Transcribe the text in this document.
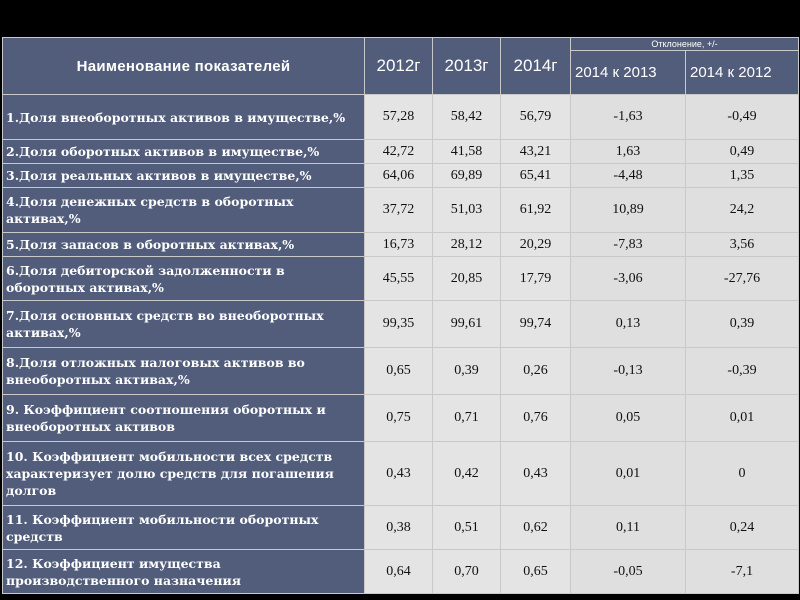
Наименование показателей	2012г	2013г	2014г	Отклонение, +/-	
				2014 к 2013	2014 к 2012
1.Доля внеоборотных активов в имуществе,%	57,28	58,42	56,79	-1,63	-0,49
2.Доля оборотных активов в имуществе,%	42,72	41,58	43,21	1,63	0,49
3.Доля реальных активов в имуществе,%	64,06	69,89	65,41	-4,48	1,35
4.Доля денежных средств в оборотных активах,%	37,72	51,03	61,92	10,89	24,2
5.Доля запасов в оборотных активах,%	16,73	28,12	20,29	-7,83	3,56
6.Доля дебиторской задолженности в оборотных активах,%	45,55	20,85	17,79	-3,06	-27,76
7.Доля основных средств во внеоборотных активах,%	99,35	99,61	99,74	0,13	0,39
8.Доля отложных налоговых активов во внеоборотных активах,%	0,65	0,39	0,26	-0,13	-0,39
9. Коэффициент соотношения оборотных и внеоборотных активов	0,75	0,71	0,76	0,05	0,01
10. Коэффициент мобильности всех средств характеризует долю средств для погашения долгов	0,43	0,42	0,43	0,01	0
11. Коэффициент мобильности оборотных средств	0,38	0,51	0,62	0,11	0,24
12. Коэффициент имущества производственного назначения	0,64	0,70	0,65	-0,05	-7,1
